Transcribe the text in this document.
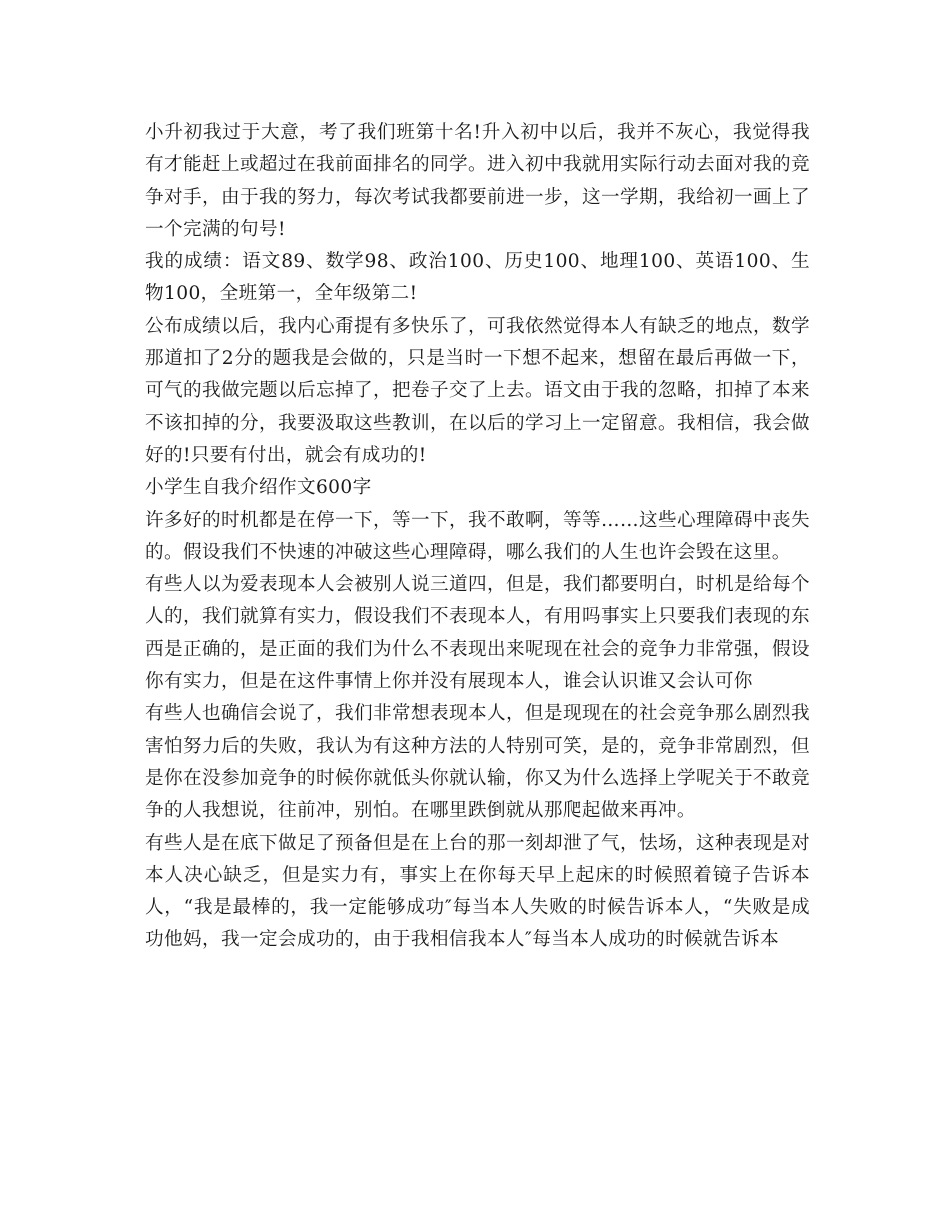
小升初我过于大意，考了我们班第十名!升入初中以后，我并不灰心，我觉得我有才能赶上或超过在我前面排名的同学。进入初中我就用实际行动去面对我的竞争对手，由于我的努力，每次考试我都要前进一步，这一学期，我给初一画上了一个完满的句号!

我的成绩：语文89、数学98、政治100、历史100、地理100、英语100、生物100，全班第一，全年级第二!

公布成绩以后，我内心甭提有多快乐了，可我依然觉得本人有缺乏的地点，数学那道扣了2分的题我是会做的，只是当时一下想不起来，想留在最后再做一下，可气的我做完题以后忘掉了，把卷子交了上去。语文由于我的忽略，扣掉了本来不该扣掉的分，我要汲取这些教训，在以后的学习上一定留意。我相信，我会做好的!只要有付出，就会有成功的!

小学生自我介绍作文600字

许多好的时机都是在停一下，等一下，我不敢啊，等等……这些心理障碍中丧失的。假设我们不快速的冲破这些心理障碍，哪么我们的人生也许会毁在这里。

有些人以为爱表现本人会被别人说三道四，但是，我们都要明白，时机是给每个人的，我们就算有实力，假设我们不表现本人，有用吗事实上只要我们表现的东西是正确的，是正面的我们为什么不表现出来呢现在社会的竞争力非常强，假设你有实力，但是在这件事情上你并没有展现本人，谁会认识谁又会认可你

有些人也确信会说了，我们非常想表现本人，但是现现在的社会竞争那么剧烈我害怕努力后的失败，我认为有这种方法的人特别可笑，是的，竞争非常剧烈，但是你在没参加竞争的时候你就低头你就认输，你又为什么选择上学呢关于不敢竞争的人我想说，往前冲，别怕。在哪里跌倒就从那爬起做来再冲。

有些人是在底下做足了预备但是在上台的那一刻却泄了气，怯场，这种表现是对本人决心缺乏，但是实力有，事实上在你每天早上起床的时候照着镜子告诉本人，“我是最棒的，我一定能够成功″每当本人失败的时候告诉本人，“失败是成功他妈，我一定会成功的，由于我相信我本人″每当本人成功的时候就告诉本
